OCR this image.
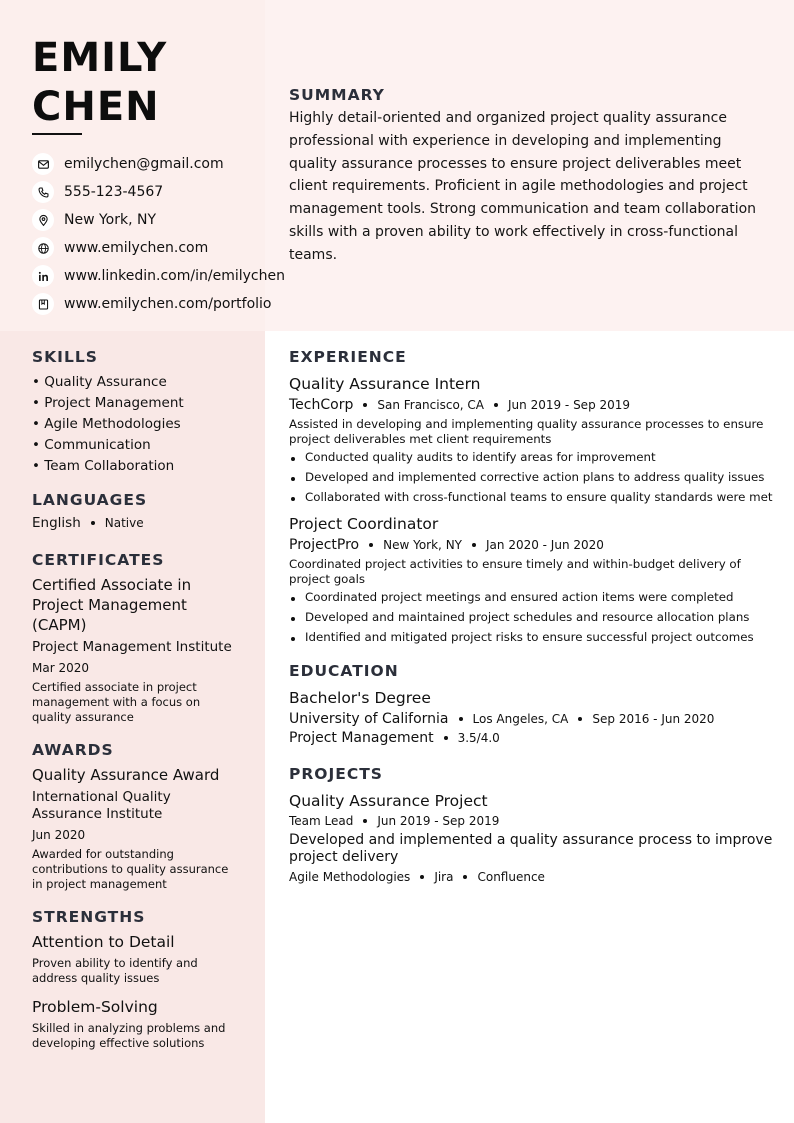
EMILY
CHEN
emilychen@gmail.com
555-123-4567
New York, NY
www.emilychen.com
www.linkedin.com/in/emilychen
www.emilychen.com/portfolio
SUMMARY
Highly detail-oriented and organized project quality assurance professional with experience in developing and implementing quality assurance processes to ensure project deliverables meet client requirements. Proficient in agile methodologies and project management tools. Strong communication and team collaboration skills with a proven ability to work effectively in cross-functional teams.
SKILLS
• Quality Assurance
• Project Management
• Agile Methodologies
• Communication
• Team Collaboration
LANGUAGES
English Native
CERTIFICATES
Certified Associate in Project Management (CAPM)
Project Management Institute
Mar 2020
Certified associate in project management with a focus on quality assurance
AWARDS
Quality Assurance Award
International Quality Assurance Institute
Jun 2020
Awarded for outstanding contributions to quality assurance in project management
STRENGTHS
Attention to Detail
Proven ability to identify and address quality issues
Problem-Solving
Skilled in analyzing problems and developing effective solutions
EXPERIENCE
Quality Assurance Intern
TechCorp San Francisco, CA Jun 2019 - Sep 2019
Assisted in developing and implementing quality assurance processes to ensure project deliverables met client requirements
Conducted quality audits to identify areas for improvement
Developed and implemented corrective action plans to address quality issues
Collaborated with cross-functional teams to ensure quality standards were met
Project Coordinator
ProjectPro New York, NY Jan 2020 - Jun 2020
Coordinated project activities to ensure timely and within-budget delivery of project goals
Coordinated project meetings and ensured action items were completed
Developed and maintained project schedules and resource allocation plans
Identified and mitigated project risks to ensure successful project outcomes
EDUCATION
Bachelor's Degree
University of California Los Angeles, CA Sep 2016 - Jun 2020
Project Management 3.5/4.0
PROJECTS
Quality Assurance Project
Team Lead Jun 2019 - Sep 2019
Developed and implemented a quality assurance process to improve project delivery
Agile Methodologies Jira Confluence
